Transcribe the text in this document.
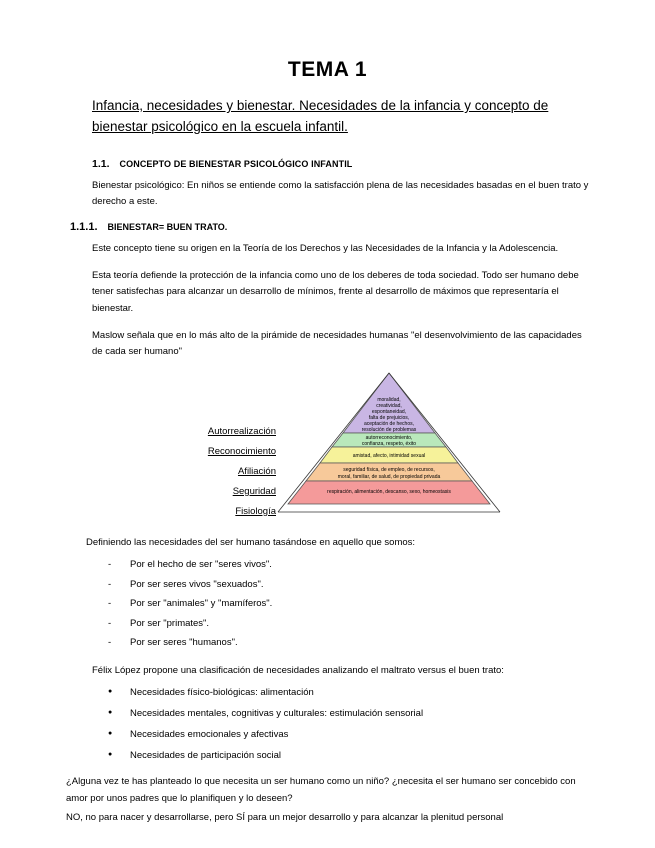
TEMA 1
Infancia, necesidades y bienestar. Necesidades de la infancia y concepto de bienestar psicológico en la escuela infantil.
1.1. CONCEPTO DE BIENESTAR PSICOLÓGICO INFANTIL

Bienestar psicológico: En niños se entiende como la satisfacción plena de las necesidades basadas en el buen trato y derecho a este.

1.1.1. BIENESTAR= BUEN TRATO.

Este concepto tiene su origen en la Teoría de los Derechos y las Necesidades de la Infancia y la Adolescencia.

Esta teoría defiende la protección de la infancia como uno de los deberes de toda sociedad. Todo ser humano debe tener satisfechas para alcanzar un desarrollo de mínimos, frente al desarrollo de máximos que representaría el bienestar.

Maslow señala que en lo más alto de la pirámide de necesidades humanas "el desenvolvimiento de las capacidades de cada ser humano"

Autorrealización
Reconocimiento
Afiliación
Seguridad
Fisiología
moralidad,
creatividad,
espontaneidad,
falta de prejuicios,
aceptación de hechos,
resolución de problemas
autorreconocimiento,
confianza, respeto, éxito
amistad, afecto, intimidad sexual
seguridad física, de empleo, de recursos,
moral, familiar, de salud, de propiedad privada
respiración, alimentación, descanso, sexo, homeostasis

Definiendo las necesidades del ser humano tasándose en aquello que somos:

- Por el hecho de ser "seres vivos".
- Por ser seres vivos "sexuados".
- Por ser "animales" y "mamíferos".
- Por ser "primates".
- Por ser seres "humanos".

Félix López propone una clasificación de necesidades analizando el maltrato versus el buen trato:

● Necesidades físico-biológicas: alimentación
● Necesidades mentales, cognitivas y culturales: estimulación sensorial
● Necesidades emocionales y afectivas
● Necesidades de participación social

¿Alguna vez te has planteado lo que necesita un ser humano como un niño? ¿necesita el ser humano ser concebido con amor por unos padres que lo planifiquen y lo deseen?

NO, no para nacer y desarrollarse, pero SÍ para un mejor desarrollo y para alcanzar la plenitud personal
